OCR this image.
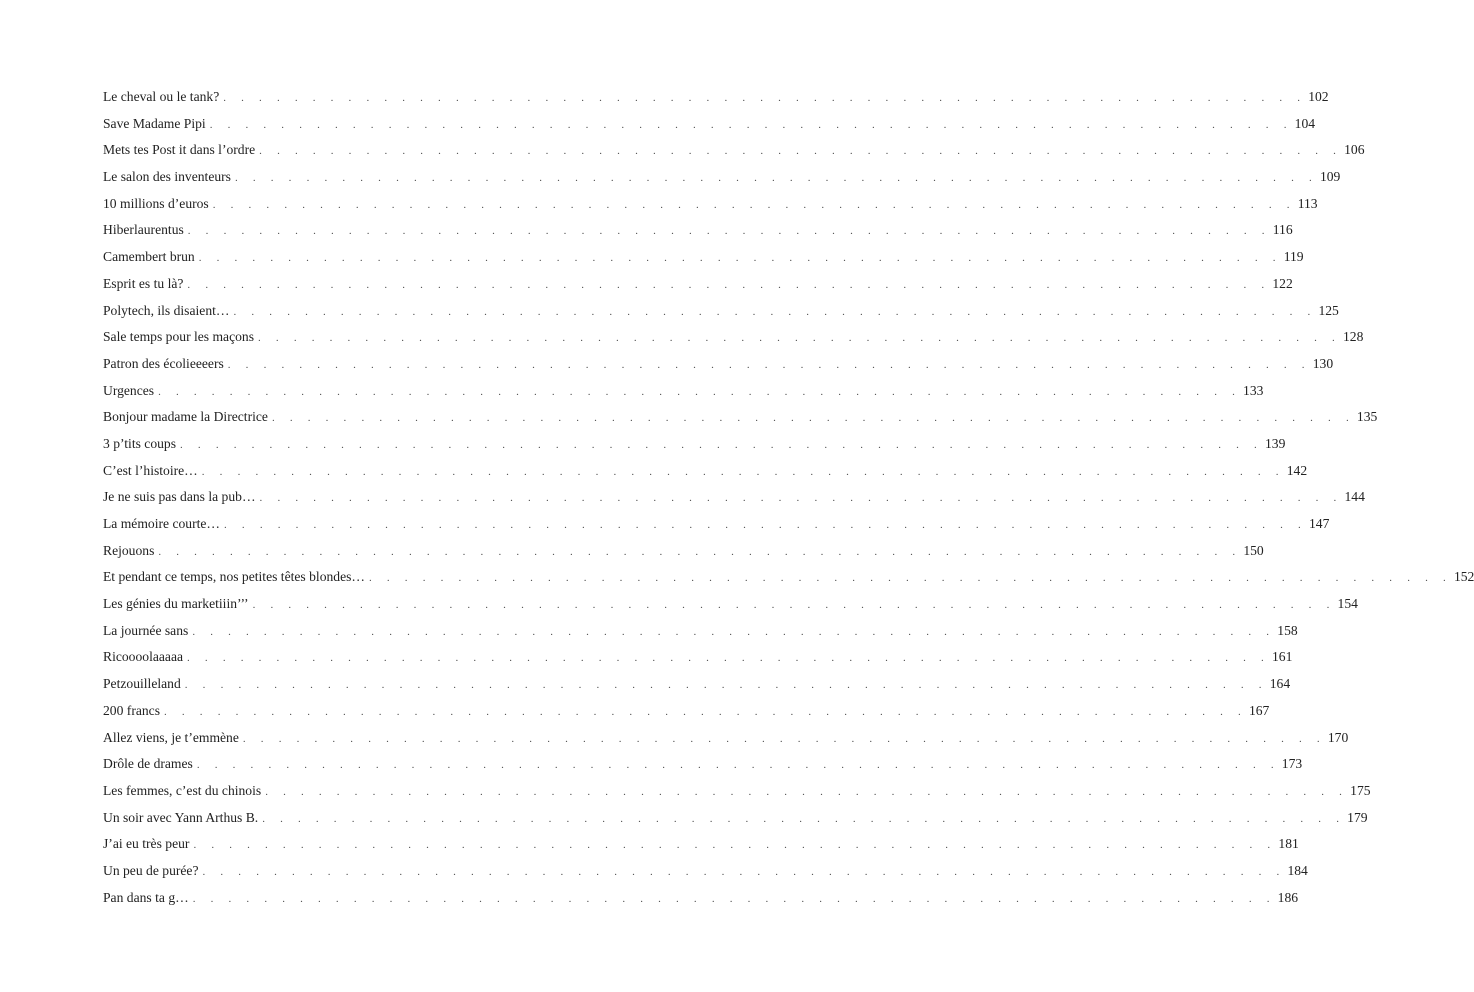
Le cheval ou le tank? . . . . . . . . . . . . . . . . . . . . . . . . . . . . . . . . . . . . . . . . . . . . . . . . . . . . . . . . . . . . . 102
Save Madame Pipi . . . . . . . . . . . . . . . . . . . . . . . . . . . . . . . . . . . . . . . . . . . . . . . . . . . . . . . . . . . . . 104
Mets tes Post it dans l’ordre . . . . . . . . . . . . . . . . . . . . . . . . . . . . . . . . . . . . . . . . . . . . . . . . . . . . . . . . . . . . . 106
Le salon des inventeurs . . . . . . . . . . . . . . . . . . . . . . . . . . . . . . . . . . . . . . . . . . . . . . . . . . . . . . . . . . . . . 109
10 millions d’euros . . . . . . . . . . . . . . . . . . . . . . . . . . . . . . . . . . . . . . . . . . . . . . . . . . . . . . . . . . . . . 113
Hiberlaurentus . . . . . . . . . . . . . . . . . . . . . . . . . . . . . . . . . . . . . . . . . . . . . . . . . . . . . . . . . . . . . 116
Camembert brun . . . . . . . . . . . . . . . . . . . . . . . . . . . . . . . . . . . . . . . . . . . . . . . . . . . . . . . . . . . . . 119
Esprit es tu là? . . . . . . . . . . . . . . . . . . . . . . . . . . . . . . . . . . . . . . . . . . . . . . . . . . . . . . . . . . . . . 122
Polytech, ils disaient… . . . . . . . . . . . . . . . . . . . . . . . . . . . . . . . . . . . . . . . . . . . . . . . . . . . . . . . . . . . . . 125
Sale temps pour les maçons . . . . . . . . . . . . . . . . . . . . . . . . . . . . . . . . . . . . . . . . . . . . . . . . . . . . . . . . . . . . . 128
Patron des écolieeeers . . . . . . . . . . . . . . . . . . . . . . . . . . . . . . . . . . . . . . . . . . . . . . . . . . . . . . . . . . . . . 130
Urgences . . . . . . . . . . . . . . . . . . . . . . . . . . . . . . . . . . . . . . . . . . . . . . . . . . . . . . . . . . . . . 133
Bonjour madame la Directrice . . . . . . . . . . . . . . . . . . . . . . . . . . . . . . . . . . . . . . . . . . . . . . . . . . . . . . . . . . . . . 135
3 p’tits coups . . . . . . . . . . . . . . . . . . . . . . . . . . . . . . . . . . . . . . . . . . . . . . . . . . . . . . . . . . . . . 139
C’est l’histoire… . . . . . . . . . . . . . . . . . . . . . . . . . . . . . . . . . . . . . . . . . . . . . . . . . . . . . . . . . . . . . 142
Je ne suis pas dans la pub… . . . . . . . . . . . . . . . . . . . . . . . . . . . . . . . . . . . . . . . . . . . . . . . . . . . . . . . . . . . . . 144
La mémoire courte… . . . . . . . . . . . . . . . . . . . . . . . . . . . . . . . . . . . . . . . . . . . . . . . . . . . . . . . . . . . . . 147
Rejouons . . . . . . . . . . . . . . . . . . . . . . . . . . . . . . . . . . . . . . . . . . . . . . . . . . . . . . . . . . . . . 150
Et pendant ce temps, nos petites têtes blondes… . . . . . . . . . . . . . . . . . . . . . . . . . . . . . . . . . . . . . . . . . . . . . . . . . . . . . . . . . . . . . 152
Les génies du marketiiin’’’ . . . . . . . . . . . . . . . . . . . . . . . . . . . . . . . . . . . . . . . . . . . . . . . . . . . . . . . . . . . . . 154
La journée sans . . . . . . . . . . . . . . . . . . . . . . . . . . . . . . . . . . . . . . . . . . . . . . . . . . . . . . . . . . . . . 158
Ricoooolaaaaa . . . . . . . . . . . . . . . . . . . . . . . . . . . . . . . . . . . . . . . . . . . . . . . . . . . . . . . . . . . . . 161
Petzouilleland . . . . . . . . . . . . . . . . . . . . . . . . . . . . . . . . . . . . . . . . . . . . . . . . . . . . . . . . . . . . . 164
200 francs . . . . . . . . . . . . . . . . . . . . . . . . . . . . . . . . . . . . . . . . . . . . . . . . . . . . . . . . . . . . . 167
Allez viens, je t’emmène . . . . . . . . . . . . . . . . . . . . . . . . . . . . . . . . . . . . . . . . . . . . . . . . . . . . . . . . . . . . . 170
Drôle de drames . . . . . . . . . . . . . . . . . . . . . . . . . . . . . . . . . . . . . . . . . . . . . . . . . . . . . . . . . . . . . 173
Les femmes, c’est du chinois . . . . . . . . . . . . . . . . . . . . . . . . . . . . . . . . . . . . . . . . . . . . . . . . . . . . . . . . . . . . . 175
Un soir avec Yann Arthus B. . . . . . . . . . . . . . . . . . . . . . . . . . . . . . . . . . . . . . . . . . . . . . . . . . . . . . . . . . . . . . 179
J’ai eu très peur . . . . . . . . . . . . . . . . . . . . . . . . . . . . . . . . . . . . . . . . . . . . . . . . . . . . . . . . . . . . . 181
Un peu de purée? . . . . . . . . . . . . . . . . . . . . . . . . . . . . . . . . . . . . . . . . . . . . . . . . . . . . . . . . . . . . . 184
Pan dans ta g… . . . . . . . . . . . . . . . . . . . . . . . . . . . . . . . . . . . . . . . . . . . . . . . . . . . . . . . . . . . . . 186
